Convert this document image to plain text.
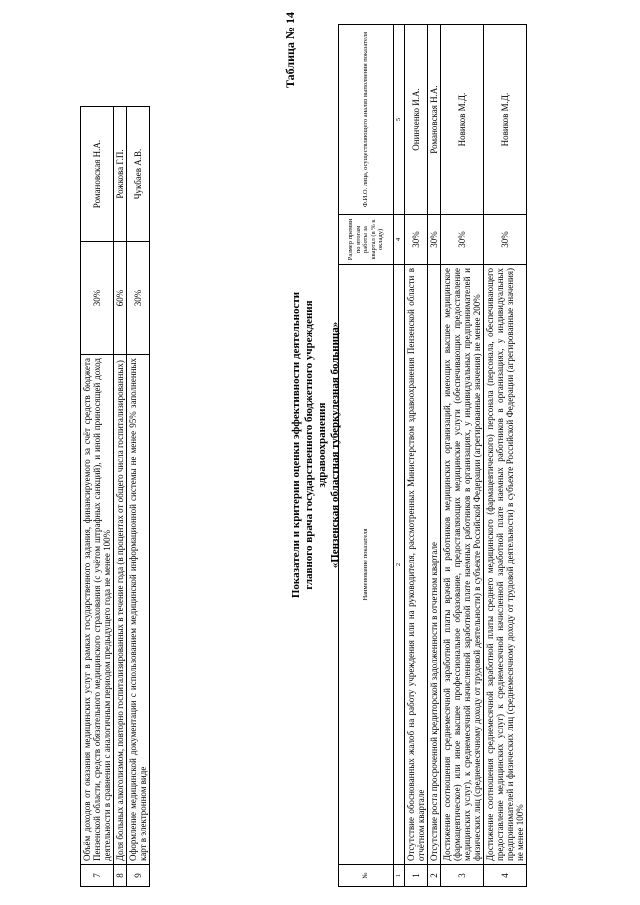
7	Объём доходов от оказания медицинских услуг в рамках государственного задания, финансируемого за счёт средств бюджета Пензенской области, средств обязательного медицинского страхования (с учётом штрафных санкций), и иной приносящей доход деятельности в сравнении с аналогичным периодом предыдущего года не менее 100%	30%	Романовская Н.А.
8	Доля больных алкоголизмом, повторно госпитализированных в течение года (в процентах от общего числа госпитализированных)	60%	Рожкова Г.П.
9	Оформление медицинской документации с использованием медицинской информационной системы не менее 95% заполненных карт в электронном виде	30%	Чукбаев А.В.
Таблица № 14
Показатели и критерии оценки эффективности деятельности главного врача государственного бюджетного учреждения здравоохранения «Пензенская областная туберкулезная больница»
№	Наименование показателя	Размер премии по итогам работы за квартал (в % к окладу)	Ф.И.О. лица, осуществляющего анализ выполнения показателя
1	2	4	5
1	Отсутствие обоснованных жалоб на работу учреждения или на руководителя, рассмотренных Министерством здравоохранения Пензенской области в отчётном квартале	30%	Онинченко И.А.
2	Отсутствие роста просроченной кредиторской задолженности в отчетном квартале	30%	Романовская Н.А.
3	Достижение соотношения среднемесячной заработной платы врачей и работников медицинских организаций, имеющих высшее медицинское (фармацевтическое) или иное высшее профессиональное образование, предоставляющих медицинские услуги (обеспечивающих предоставление медицинских услуг), к среднемесячной начисленной заработной плате наемных работников в организациях, у индивидуальных предпринимателей и физических лиц (среднемесячному доходу от трудовой деятельности) в субъекте Российской Федерации (агрегированные значения) не менее 200%	30%	Новиков М.Д.
4	Достижение соотношения среднемесячной заработной платы среднего медицинского (фармацевтического) персонала (персонала, обеспечивающего предоставление медицинских услуг) к среднемесячной начисленной заработной плате наемных работников в организациях, у индивидуальных предпринимателей и физических лиц (среднемесячному доходу от трудовой деятельности) в субъекте Российской Федерации (агрегированные значения) не менее 100%	30%	Новиков М.Д.
